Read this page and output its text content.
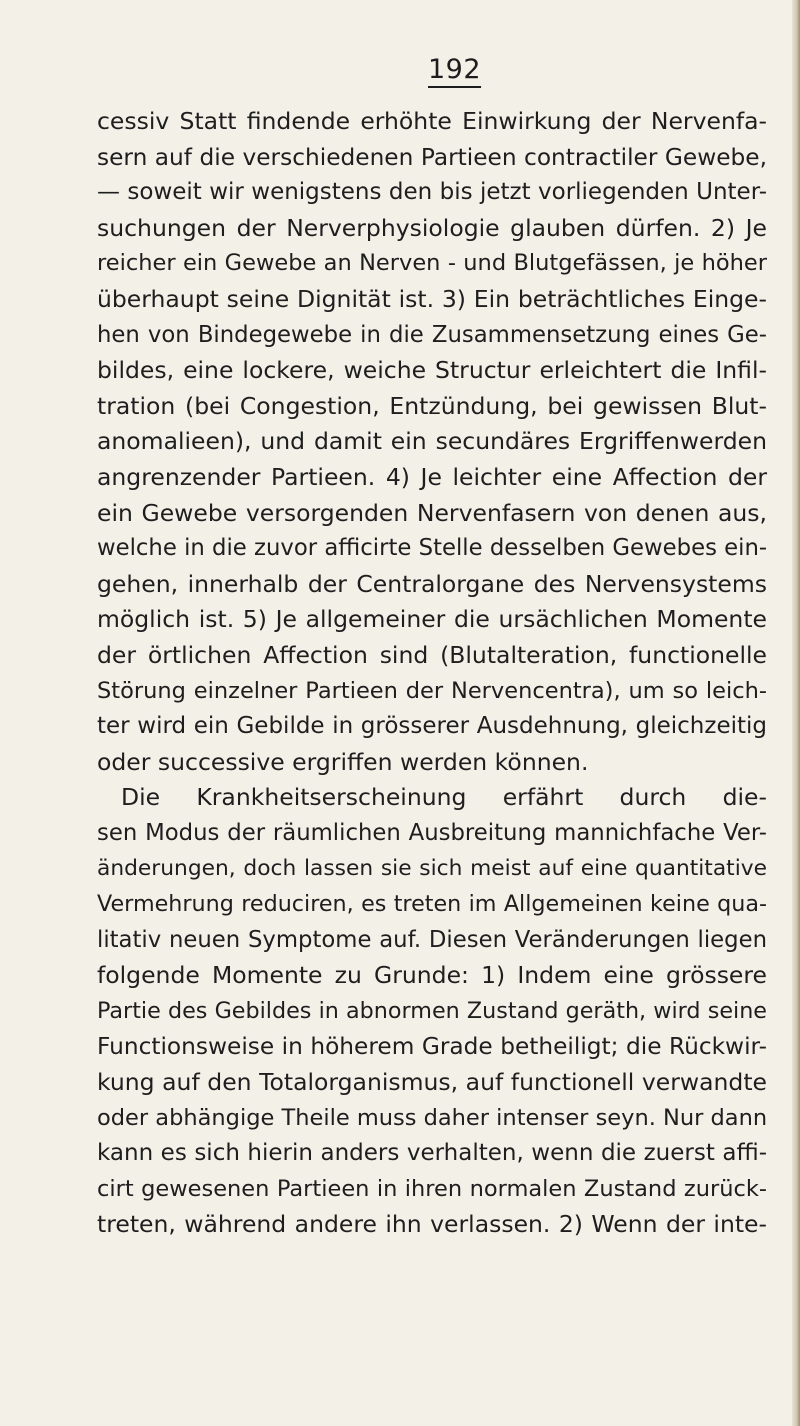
192
cessiv Statt findende erhöhte Einwirkung der Nervenfa-
sern auf die verschiedenen Partieen contractiler Gewebe,
— soweit wir wenigstens den bis jetzt vorliegenden Unter-
suchungen der Nerverphysiologie glauben dürfen. 2) Je
reicher ein Gewebe an Nerven - und Blutgefässen, je höher
überhaupt seine Dignität ist. 3) Ein beträchtliches Einge-
hen von Bindegewebe in die Zusammensetzung eines Ge-
bildes, eine lockere, weiche Structur erleichtert die Infil-
tration (bei Congestion, Entzündung, bei gewissen Blut-
anomalieen), und damit ein secundäres Ergriffenwerden
angrenzender Partieen. 4) Je leichter eine Affection der
ein Gewebe versorgenden Nervenfasern von denen aus,
welche in die zuvor afficirte Stelle desselben Gewebes ein-
gehen, innerhalb der Centralorgane des Nervensystems
möglich ist. 5) Je allgemeiner die ursächlichen Momente
der örtlichen Affection sind (Blutalteration, functionelle
Störung einzelner Partieen der Nervencentra), um so leich-
ter wird ein Gebilde in grösserer Ausdehnung, gleichzeitig
oder successive ergriffen werden können.
Die Krankheitserscheinung erfährt durch die-
sen Modus der räumlichen Ausbreitung mannichfache Ver-
änderungen, doch lassen sie sich meist auf eine quantitative
Vermehrung reduciren, es treten im Allgemeinen keine qua-
litativ neuen Symptome auf. Diesen Veränderungen liegen
folgende Momente zu Grunde: 1) Indem eine grössere
Partie des Gebildes in abnormen Zustand geräth, wird seine
Functionsweise in höherem Grade betheiligt; die Rückwir-
kung auf den Totalorganismus, auf functionell verwandte
oder abhängige Theile muss daher intenser seyn. Nur dann
kann es sich hierin anders verhalten, wenn die zuerst affi-
cirt gewesenen Partieen in ihren normalen Zustand zurück-
treten, während andere ihn verlassen. 2) Wenn der inte-
